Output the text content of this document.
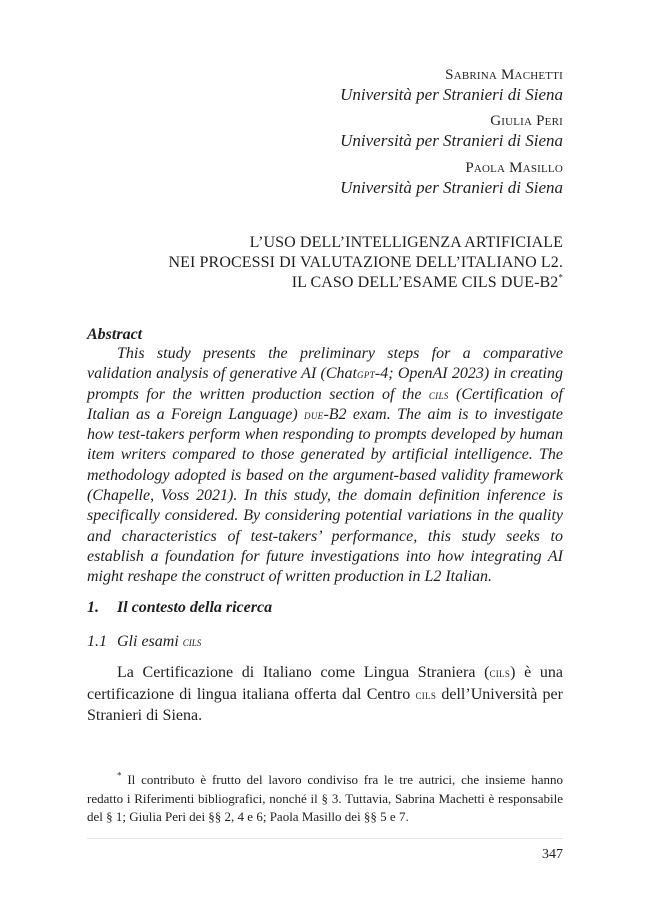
Sabrina Machetti
Università per Stranieri di Siena
Giulia Peri
Università per Stranieri di Siena
Paola Masillo
Università per Stranieri di Siena
L’USO DELL’INTELLIGENZA ARTIFICIALE
NEI PROCESSI DI VALUTAZIONE DELL’ITALIANO L2.
IL CASO DELL’ESAME CILS DUE-B2*
Abstract
This study presents the preliminary steps for a comparative validation analysis of generative AI (Chatgpt-4; OpenAI 2023) in creating prompts for the written production section of the cils (Certification of Italian as a Foreign Language) due-B2 exam. The aim is to investigate how test-takers perform when responding to prompts developed by human item writers compared to those generated by artificial intelligence. The methodology adopted is based on the argument-based validity framework (Chapelle, Voss 2021). In this study, the domain definition inference is specifically considered. By considering potential variations in the quality and characteristics of test-takers’ performance, this study seeks to establish a foundation for future investigations into how integrating AI might reshape the construct of written production in L2 Italian.
1. Il contesto della ricerca
1.1 Gli esami cils
La Certificazione di Italiano come Lingua Straniera (cils) è una certificazione di lingua italiana offerta dal Centro cils dell’Università per Stranieri di Siena.
* Il contributo è frutto del lavoro condiviso fra le tre autrici, che insieme hanno redatto i Riferimenti bibliografici, nonché il § 3. Tuttavia, Sabrina Machetti è responsabile del § 1; Giulia Peri dei §§ 2, 4 e 6; Paola Masillo dei §§ 5 e 7.
347
